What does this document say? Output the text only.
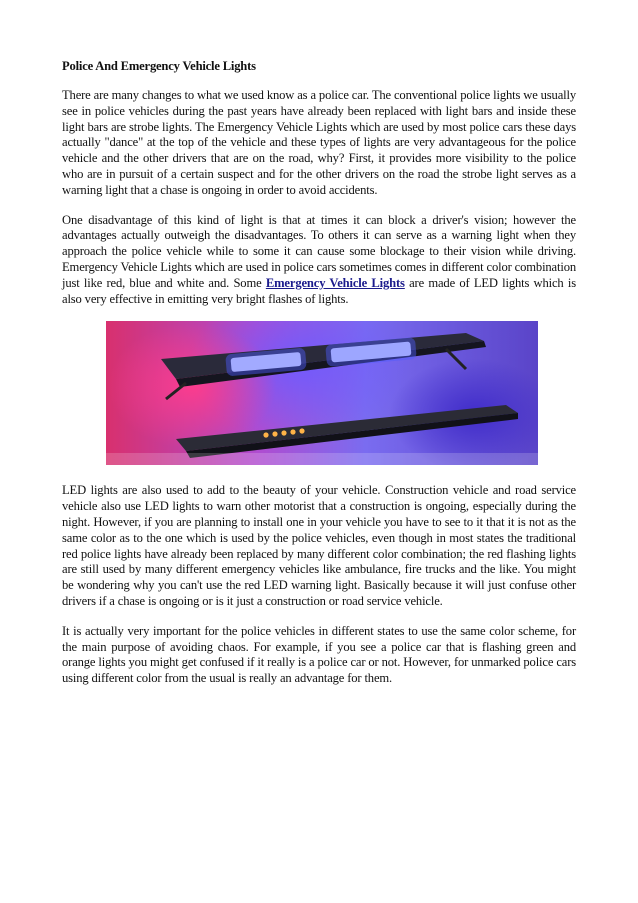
Police And Emergency Vehicle Lights

There are many changes to what we used know as a police car. The conventional police lights we usually see in police vehicles during the past years have already been replaced with light bars and inside these light bars are strobe lights. The Emergency Vehicle Lights which are used by most police cars these days actually "dance" at the top of the vehicle and these types of lights are very advantageous for the police vehicle and the other drivers that are on the road, why? First, it provides more visibility to the police who are in pursuit of a certain suspect and for the other drivers on the road the strobe light serves as a warning light that a chase is ongoing in order to avoid accidents.

One disadvantage of this kind of light is that at times it can block a driver's vision; however the advantages actually outweigh the disadvantages. To others it can serve as a warning light when they approach the police vehicle while to some it can cause some blockage to their vision while driving. Emergency Vehicle Lights which are used in police cars sometimes comes in different color combination just like red, blue and white and. Some Emergency Vehicle Lights are made of LED lights which is also very effective in emitting very bright flashes of lights.

LED lights are also used to add to the beauty of your vehicle. Construction vehicle and road service vehicle also use LED lights to warn other motorist that a construction is ongoing, especially during the night. However, if you are planning to install one in your vehicle you have to see to it that it is not as the same color as to the one which is used by the police vehicles, even though in most states the traditional red police lights have already been replaced by many different color combination; the red flashing lights are still used by many different emergency vehicles like ambulance, fire trucks and the like. You might be wondering why you can't use the red LED warning light. Basically because it will just confuse other drivers if a chase is ongoing or is it just a construction or road service vehicle.

It is actually very important for the police vehicles in different states to use the same color scheme, for the main purpose of avoiding chaos. For example, if you see a police car that is flashing green and orange lights you might get confused if it really is a police car or not. However, for unmarked police cars using different color from the usual is really an advantage for them.
